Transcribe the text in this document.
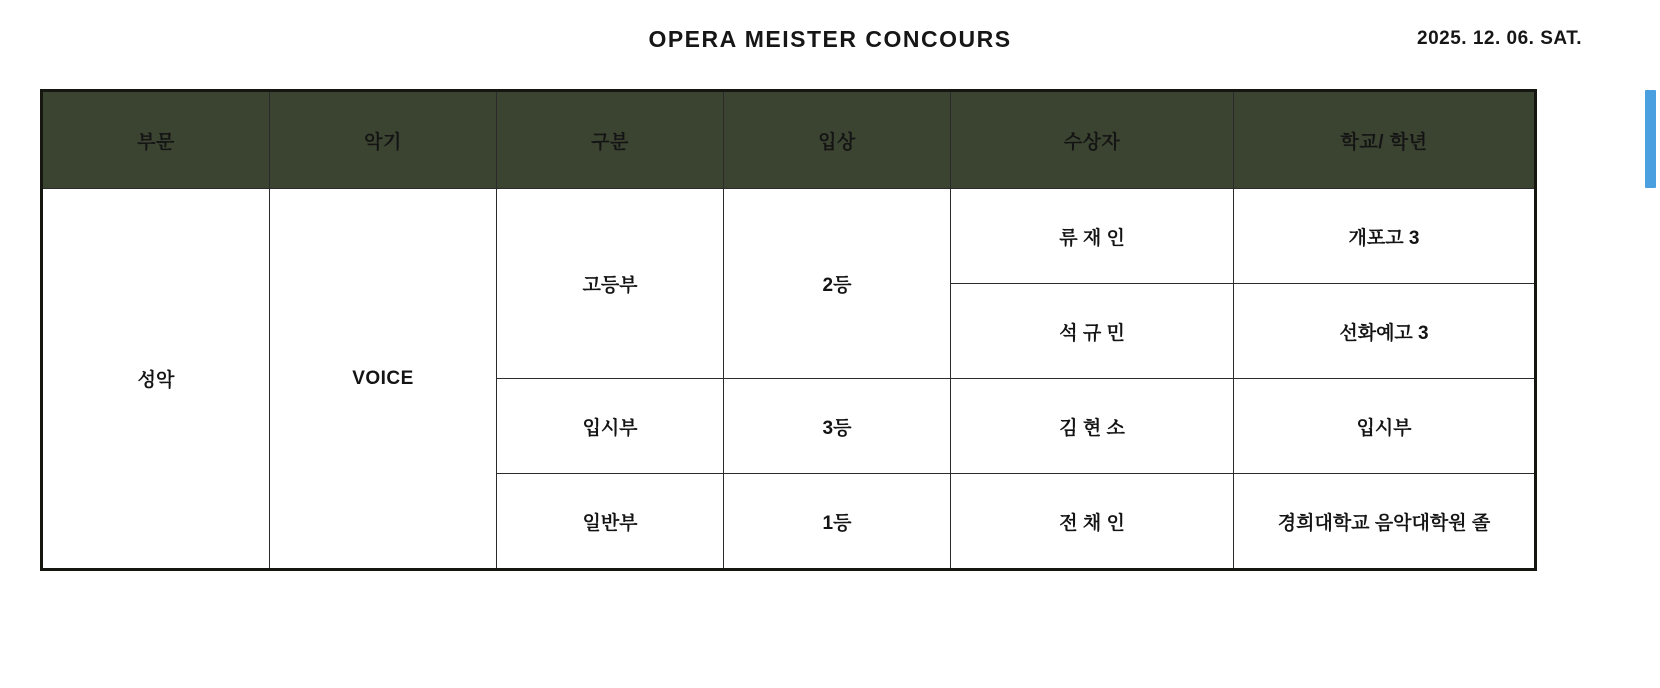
OPERA MEISTER CONCOURS	2025. 12. 06. SAT.
부문	악기	구분	입상	수상자	학교/ 학년
성악	VOICE	고등부	2등	류 재 인	개포고 3
				석 규 민	선화예고 3
		입시부	3등	김 현 소	입시부
		일반부	1등	전 채 인	경희대학교 음악대학원 졸
